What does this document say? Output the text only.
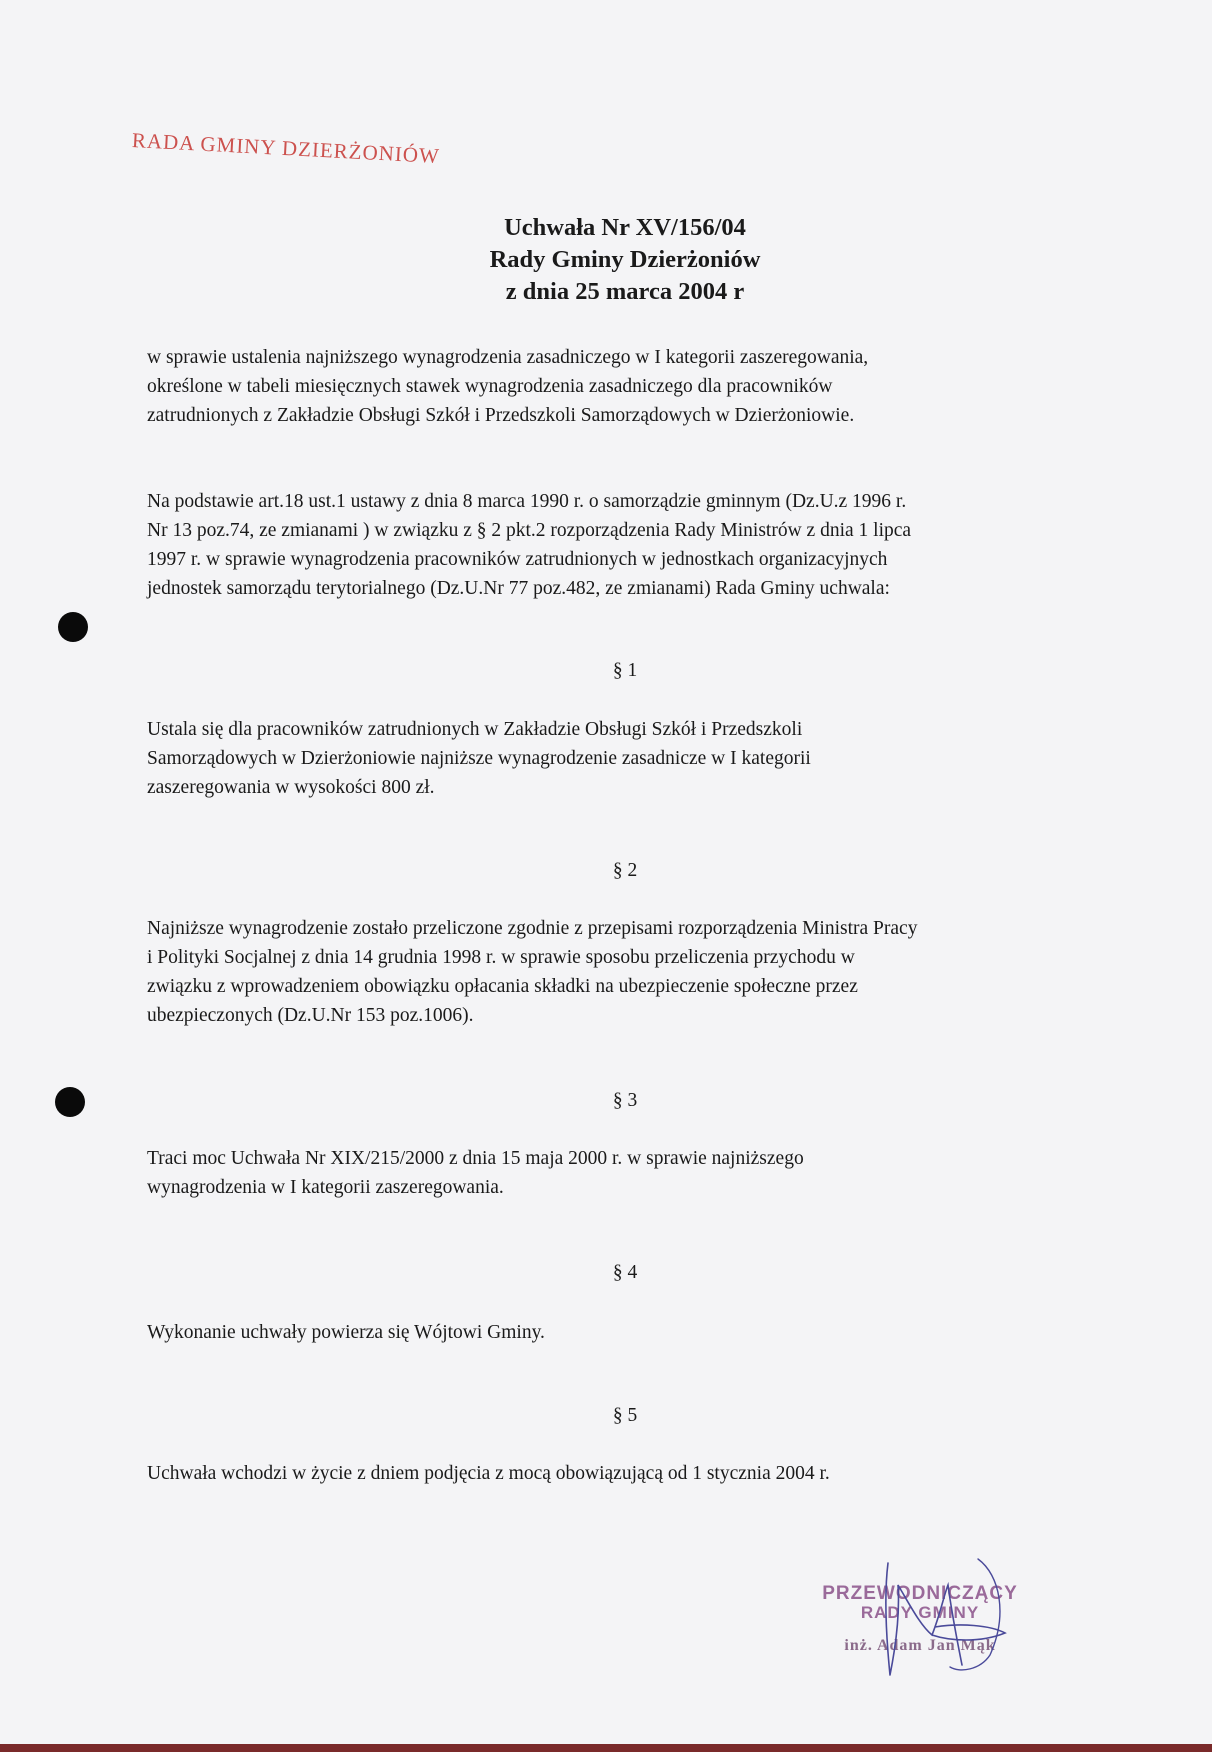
RADA GMINY DZIERŻONIÓW
Uchwała Nr XV/156/04
Rady Gminy Dzierżoniów
z dnia 25 marca 2004 r
w sprawie ustalenia najniższego wynagrodzenia zasadniczego w I kategorii zaszeregowania,
określone w tabeli miesięcznych stawek wynagrodzenia zasadniczego dla pracowników
zatrudnionych z Zakładzie Obsługi Szkół i Przedszkoli Samorządowych w Dzierżoniowie.
Na podstawie art.18 ust.1 ustawy z dnia 8 marca 1990 r. o samorządzie gminnym (Dz.U.z 1996 r.
Nr 13 poz.74, ze zmianami ) w związku z § 2 pkt.2 rozporządzenia Rady Ministrów z dnia 1 lipca
1997 r. w sprawie wynagrodzenia pracowników zatrudnionych w jednostkach organizacyjnych
jednostek samorządu terytorialnego (Dz.U.Nr 77 poz.482, ze zmianami) Rada Gminy uchwala:
§ 1
Ustala się dla pracowników zatrudnionych w Zakładzie Obsługi Szkół i Przedszkoli
Samorządowych w Dzierżoniowie najniższe wynagrodzenie zasadnicze w I kategorii
zaszeregowania w wysokości 800 zł.
§ 2
Najniższe wynagrodzenie zostało przeliczone zgodnie z przepisami rozporządzenia Ministra Pracy
i Polityki Socjalnej z dnia 14 grudnia 1998 r. w sprawie sposobu przeliczenia przychodu w
związku z wprowadzeniem obowiązku opłacania składki na ubezpieczenie społeczne przez
ubezpieczonych (Dz.U.Nr 153 poz.1006).
§ 3
Traci moc Uchwała Nr XIX/215/2000 z dnia 15 maja 2000 r. w sprawie najniższego
wynagrodzenia w I kategorii zaszeregowania.
§ 4
Wykonanie uchwały powierza się Wójtowi Gminy.
§ 5
Uchwała wchodzi w życie z dniem podjęcia z mocą obowiązującą od 1 stycznia 2004 r.
PRZEWODNICZĄCY
RADY GMINY
inż. Adam Jan Mąk
